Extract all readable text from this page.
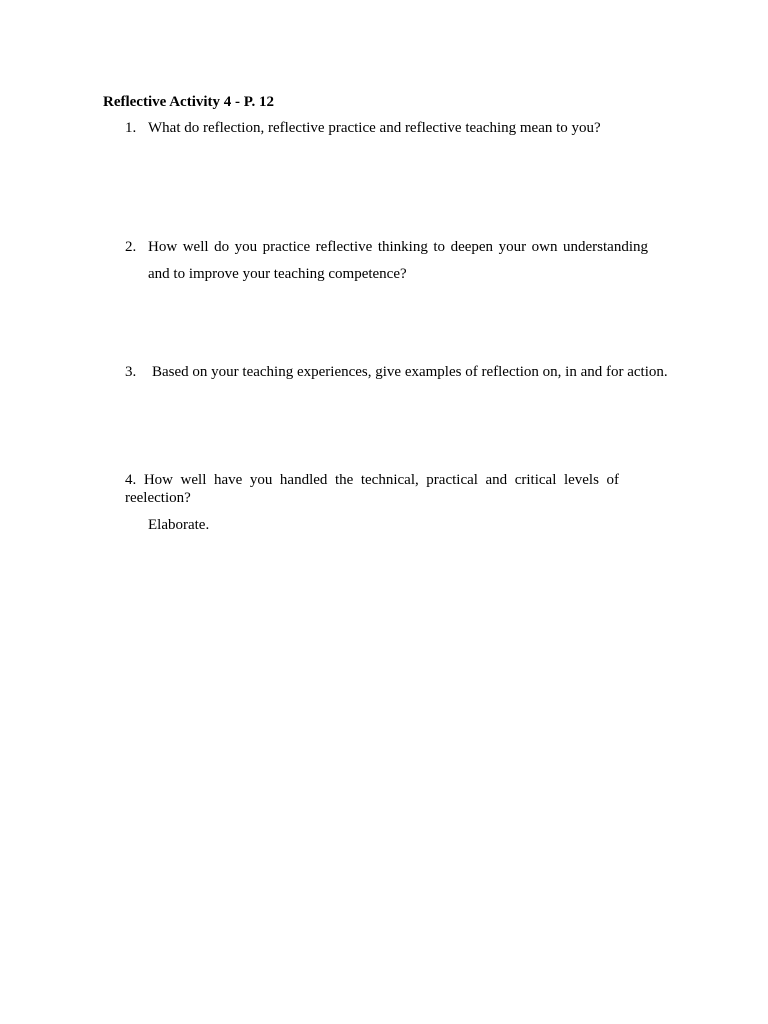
Reflective Activity 4 - P. 12
1. What do reflection, reflective practice and reflective teaching mean to you?
2. How well do you practice reflective thinking to deepen your own understanding
and to improve your teaching competence?
3. Based on your teaching experiences, give examples of reflection on, in and for action.
4. How well have you handled the technical, practical and critical levels of
reelection?
Elaborate.
